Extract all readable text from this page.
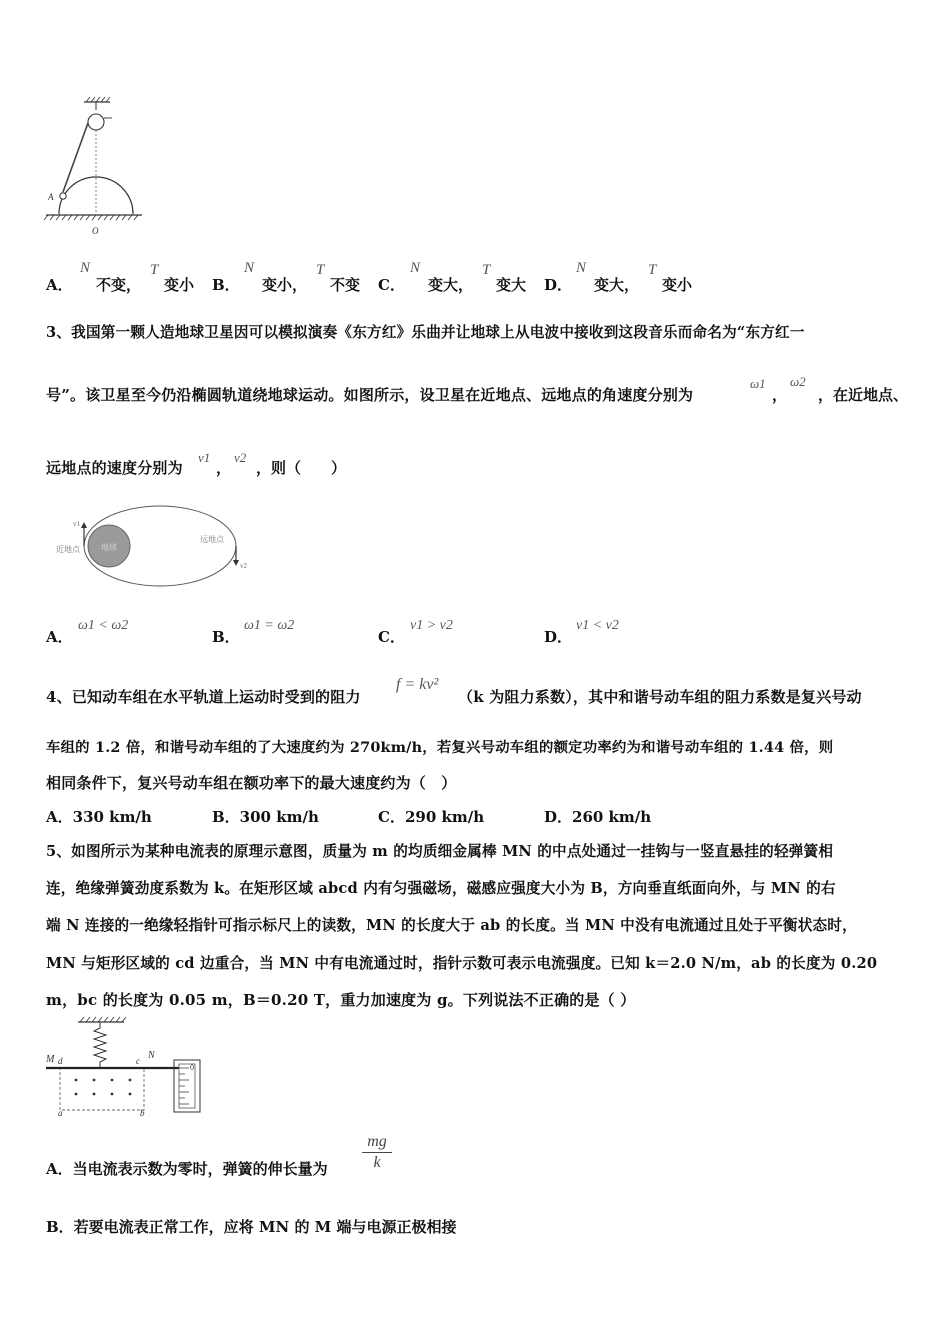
A
O
A．
N
不变，
T
变小 B．
N
变小，
T
不变 C．
N
变大，
T
变大 D．
N
变大，
T
变小
3、我国第一颗人造地球卫星因可以模拟演奏《东方红》乐曲并让地球上从电波中接收到这段音乐而命名为“东方红一
号”。该卫星至今仍沿椭圆轨道绕地球运动。如图所示，设卫星在近地点、远地点的角速度分别为
ω1
，
ω2
，在近地点、
远地点的速度分别为
v1
，
v2
，则（　　）
地球
v1
近地点
v2
远地点
A．
ω1 < ω2
B．
ω1 = ω2
C．
v1 > v2
D．
v1 < v2
4、已知动车组在水平轨道上运动时受到的阻力
f = kv²
（k 为阻力系数），其中和谐号动车组的阻力系数是复兴号动
车组的 1.2 倍，和谐号动车组的了大速度约为 270km/h，若复兴号动车组的额定功率约为和谐号动车组的 1.44 倍，则
相同条件下，复兴号动车组在额功率下的最大速度约为（　）
A．330 km/h	B．300 km/h	C．290 km/h	D．260 km/h
5、如图所示为某种电流表的原理示意图，质量为 m 的均质细金属棒 MN 的中点处通过一挂钩与一竖直悬挂的轻弹簧相
连，绝缘弹簧劲度系数为 k。在矩形区域 abcd 内有匀强磁场，磁感应强度大小为 B，方向垂直纸面向外，与 MN 的右
端 N 连接的一绝缘轻指针可指示标尺上的读数，MN 的长度大于 ab 的长度。当 MN 中没有电流通过且处于平衡状态时，
MN 与矩形区域的 cd 边重合，当 MN 中有电流通过时，指针示数可表示电流强度。已知 k＝2.0 N/m，ab 的长度为 0.20
m，bc 的长度为 0.05 m，B＝0.20 T，重力加速度为 g。下列说法不正确的是（ ）
M d	c N
a	b
0
A．当电流表示数为零时，弹簧的伸长量为 $\frac{mg}{k}$
B．若要电流表正常工作，应将 MN 的 M 端与电源正极相接
